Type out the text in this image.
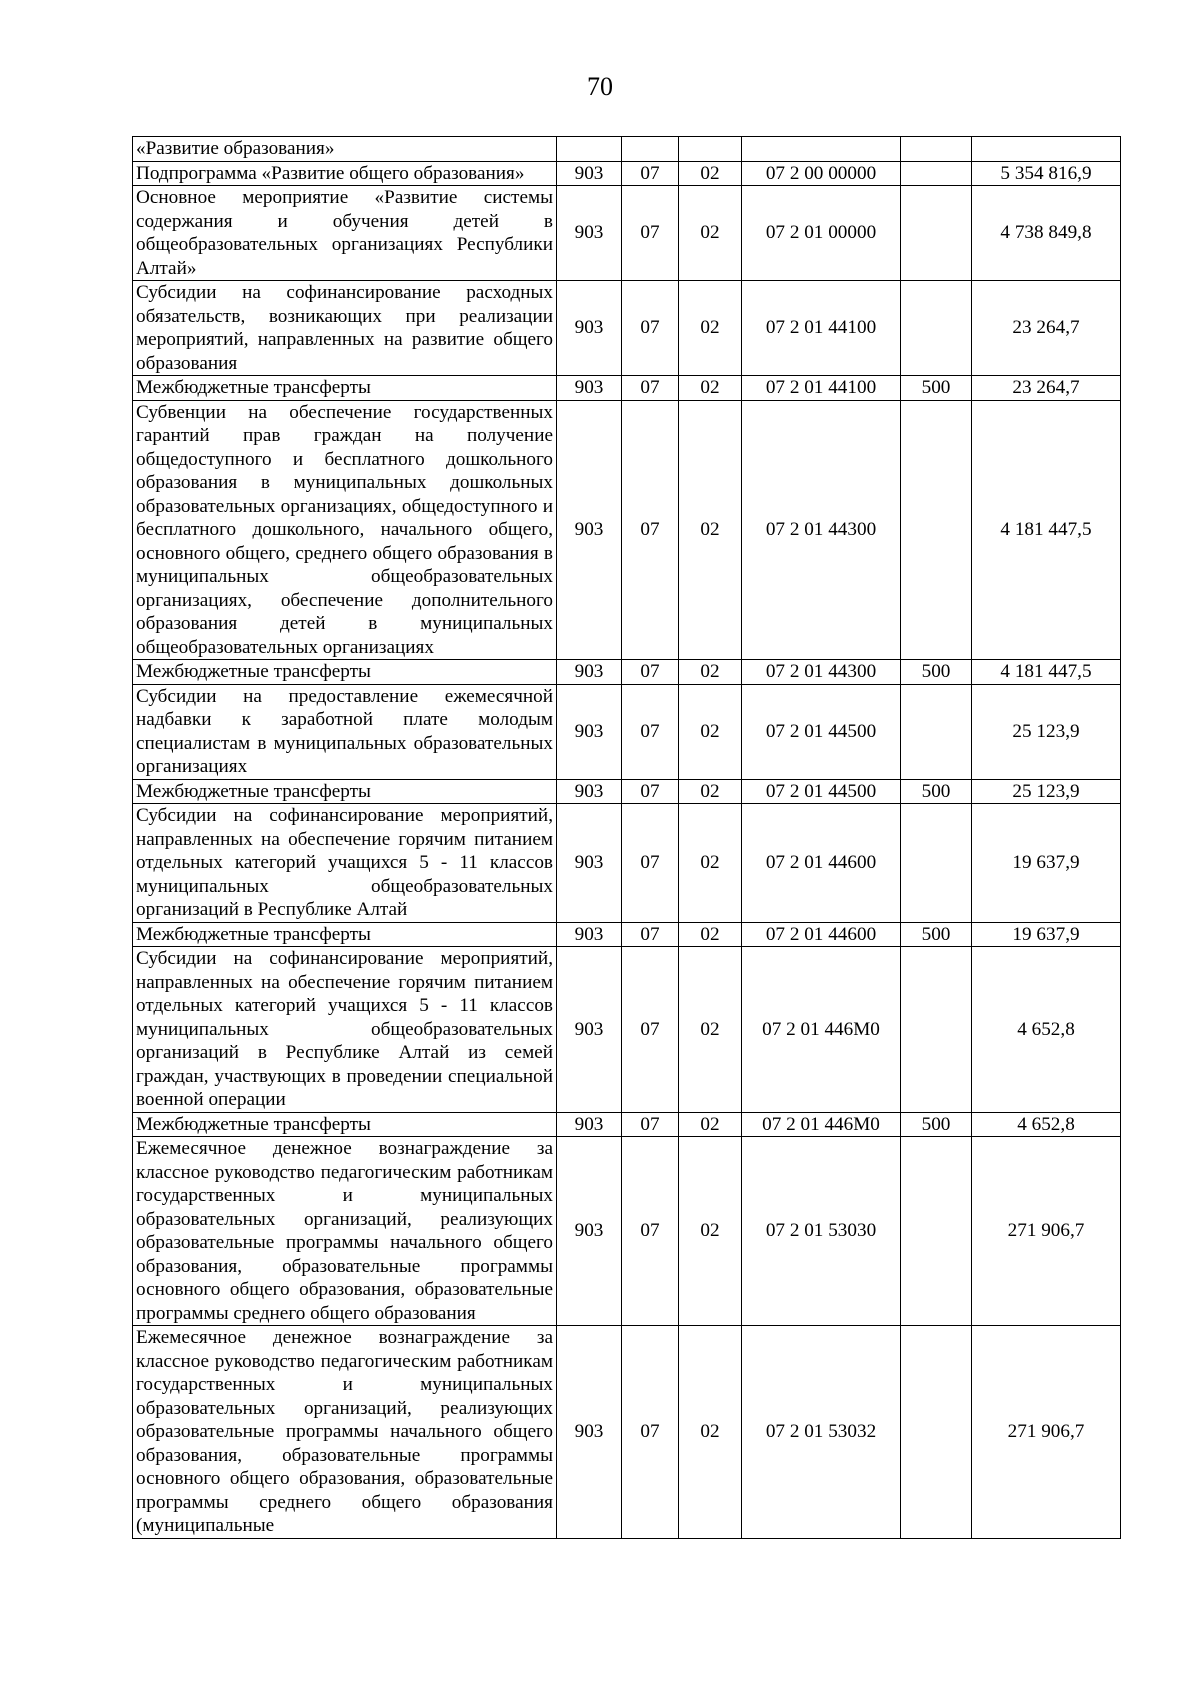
70
«Развитие образования»						
Подпрограмма «Развитие общего образования»	903	07	02	07 2 00 00000		5 354 816,9
Основное мероприятие «Развитие системы содержания и обучения детей в общеобразовательных организациях Республики Алтай»	903	07	02	07 2 01 00000		4 738 849,8
Субсидии на софинансирование расходных обязательств, возникающих при реализации мероприятий, направленных на развитие общего образования	903	07	02	07 2 01 44100		23 264,7
Межбюджетные трансферты	903	07	02	07 2 01 44100	500	23 264,7
Субвенции на обеспечение государственных гарантий прав граждан на получение общедоступного и бесплатного дошкольного образования в муниципальных дошкольных образовательных организациях, общедоступного и бесплатного дошкольного, начального общего, основного общего, среднего общего образования в муниципальных общеобразовательных организациях, обеспечение дополнительного образования детей в муниципальных общеобразовательных организациях	903	07	02	07 2 01 44300		4 181 447,5
Межбюджетные трансферты	903	07	02	07 2 01 44300	500	4 181 447,5
Субсидии на предоставление ежемесячной надбавки к заработной плате молодым специалистам в муниципальных образовательных организациях	903	07	02	07 2 01 44500		25 123,9
Межбюджетные трансферты	903	07	02	07 2 01 44500	500	25 123,9
Субсидии на софинансирование мероприятий, направленных на обеспечение горячим питанием отдельных категорий учащихся 5 - 11 классов муниципальных общеобразовательных организаций в Республике Алтай	903	07	02	07 2 01 44600		19 637,9
Межбюджетные трансферты	903	07	02	07 2 01 44600	500	19 637,9
Субсидии на софинансирование мероприятий, направленных на обеспечение горячим питанием отдельных категорий учащихся 5 - 11 классов муниципальных общеобразовательных организаций в Республике Алтай из семей граждан, участвующих в проведении специальной военной операции	903	07	02	07 2 01 446М0		4 652,8
Межбюджетные трансферты	903	07	02	07 2 01 446М0	500	4 652,8
Ежемесячное денежное вознаграждение за классное руководство педагогическим работникам государственных и муниципальных образовательных организаций, реализующих образовательные программы начального общего образования, образовательные программы основного общего образования, образовательные программы среднего общего образования	903	07	02	07 2 01 53030		271 906,7
Ежемесячное денежное вознаграждение за классное руководство педагогическим работникам государственных и муниципальных образовательных организаций, реализующих образовательные программы начального общего образования, образовательные программы основного общего образования, образовательные программы среднего общего образования (муниципальные	903	07	02	07 2 01 53032		271 906,7
